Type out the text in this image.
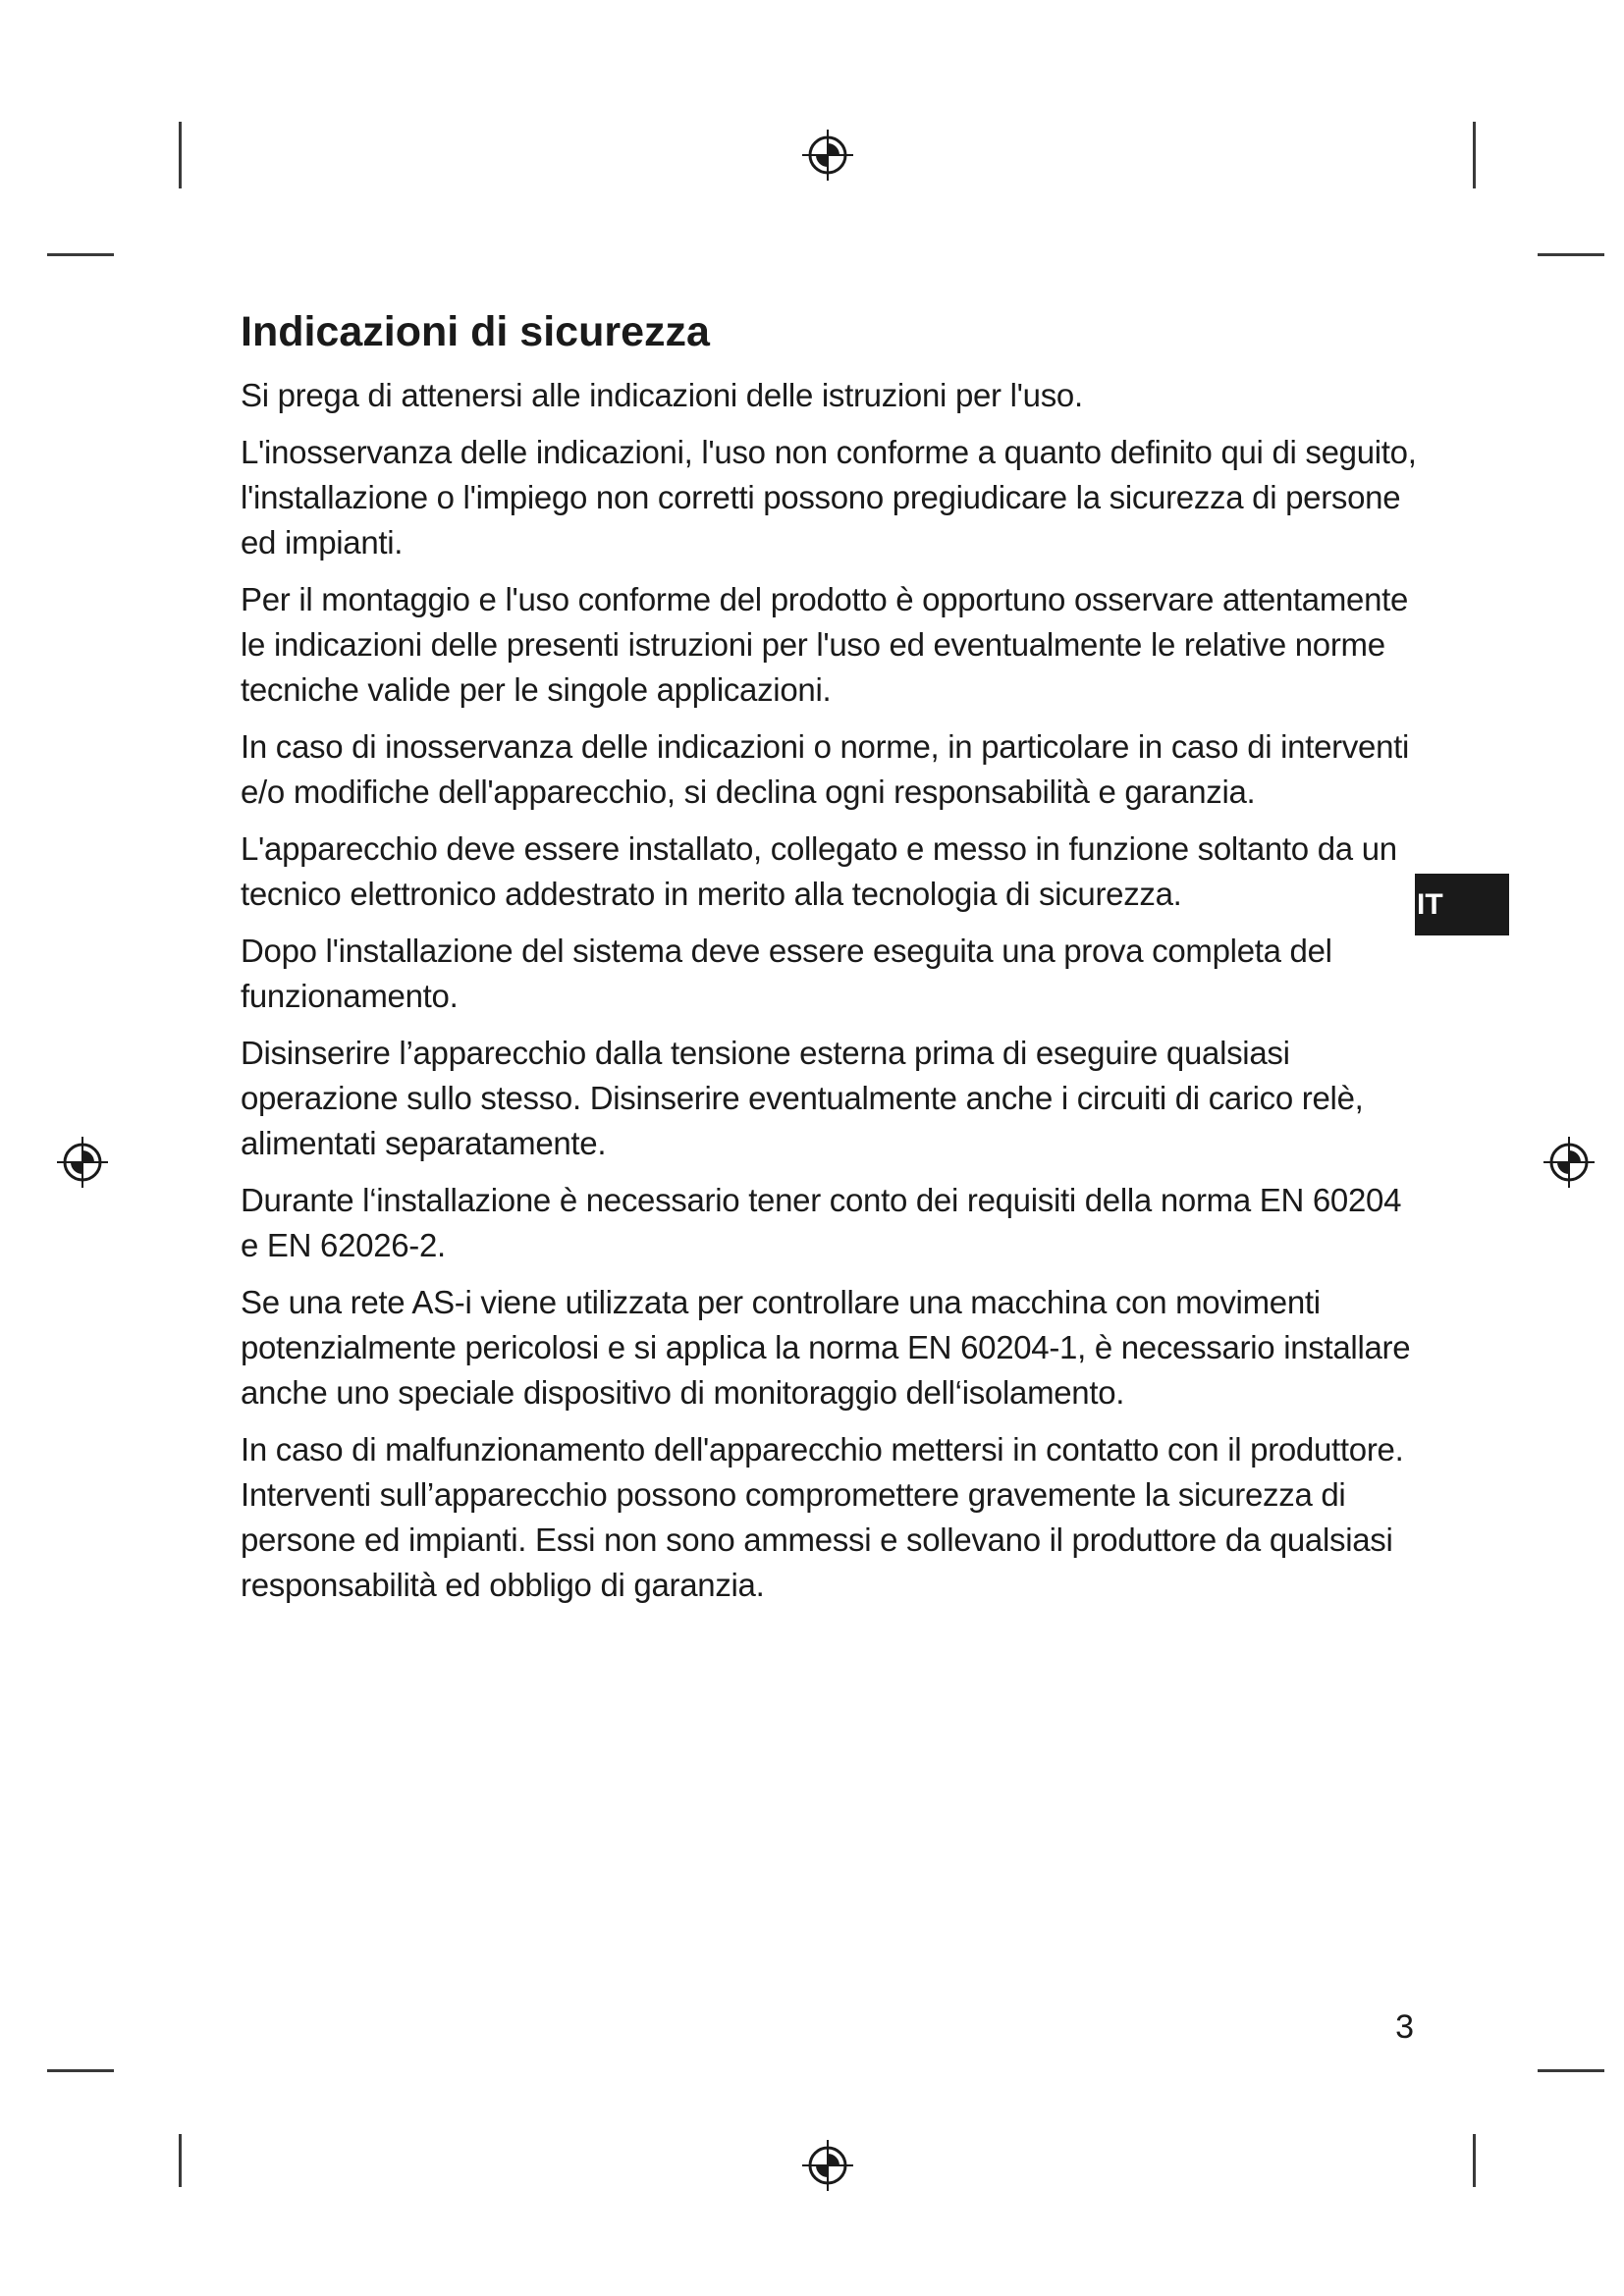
IT
Indicazioni di sicurezza

Si prega di attenersi alle indicazioni delle istruzioni per l'uso.

L'inosservanza delle indicazioni, l'uso non conforme a quanto definito qui di seguito, l'installazione o l'impiego non corretti possono pregiudicare la sicurezza di persone ed impianti.

Per il montaggio e l'uso conforme del prodotto è opportuno osservare attentamente le indicazioni delle presenti istruzioni per l'uso ed eventualmente le relative norme tecniche valide per le singole applicazioni.

In caso di inosservanza delle indicazioni o norme, in particolare in caso di interventi e/o modifiche dell'apparecchio, si declina ogni responsabilità e garanzia.

L'apparecchio deve essere installato, collegato e messo in funzione soltanto da un tecnico elettronico addestrato in merito alla tecnologia di sicurezza.

Dopo l'installazione del sistema deve essere eseguita una prova completa del funzionamento.

Disinserire l’apparecchio dalla tensione esterna prima di eseguire qualsiasi operazione sullo stesso. Disinserire eventualmente anche i circuiti di carico relè, alimentati separatamente.

Durante l‘installazione è necessario tener conto dei requisiti della norma EN 60204 e EN 62026-2.

Se una rete AS-i viene utilizzata per controllare una macchina con movimenti potenzialmente pericolosi e si applica la norma EN 60204-1, è necessario installare anche uno speciale dispositivo di monitoraggio dell‘isolamento.

In caso di malfunzionamento dell'apparecchio mettersi in contatto con il produttore. Interventi sull’apparecchio possono compromettere gravemente la sicurezza di persone ed impianti. Essi non sono ammessi e sollevano il produttore da qualsiasi responsabilità ed obbligo di garanzia.

3
